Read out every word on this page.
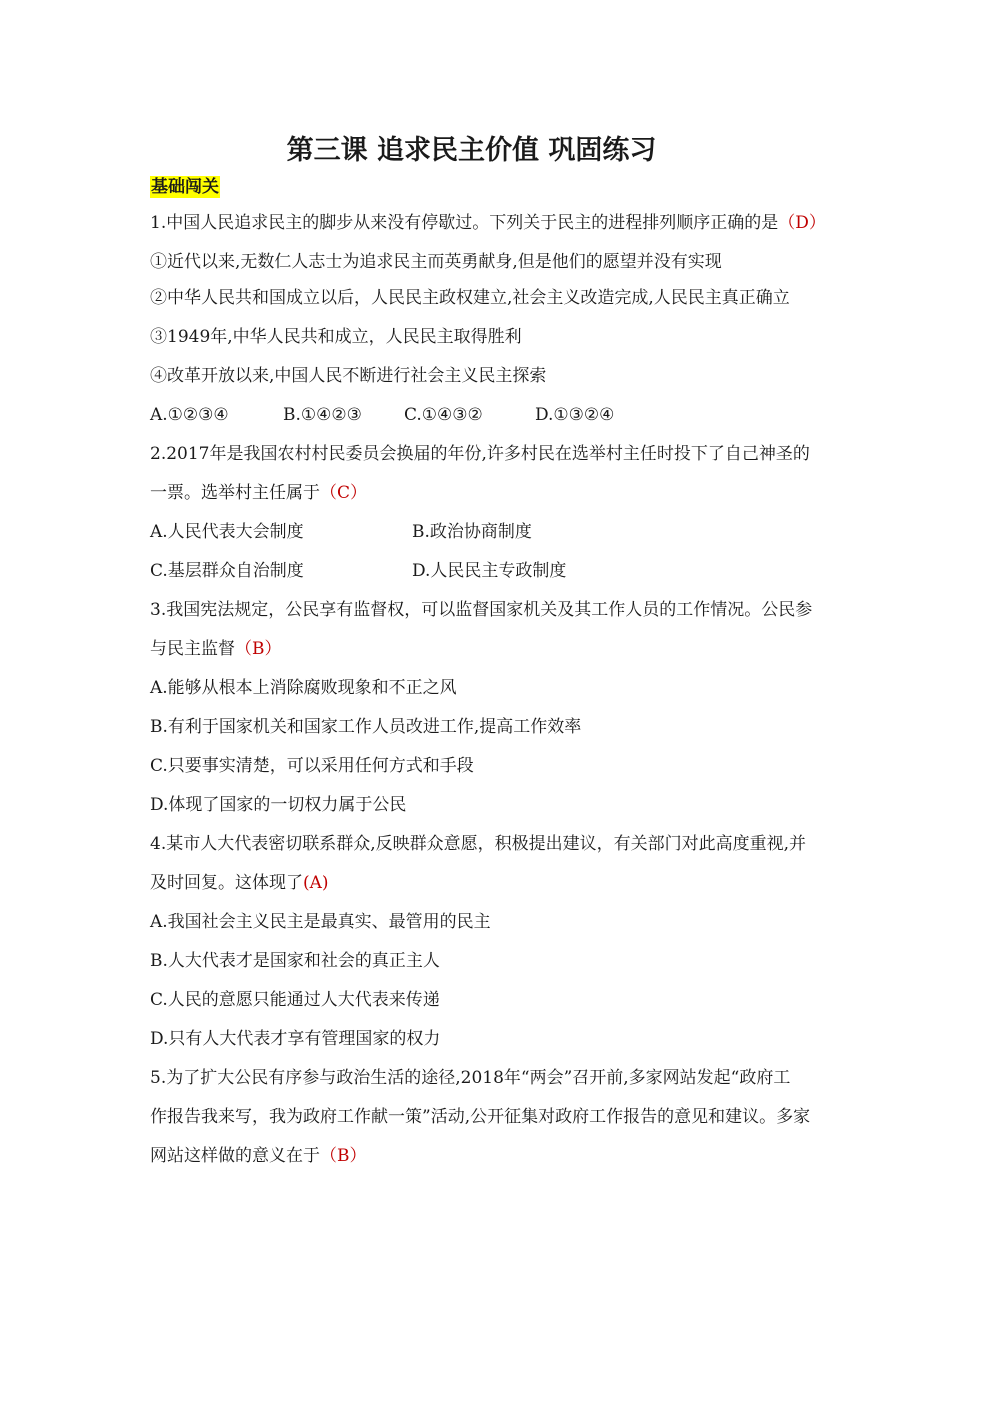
第三课 追求民主价值 巩固练习
基础闯关
1.中国人民追求民主的脚步从来没有停歇过。下列关于民主的进程排列顺序正确的是（D）
①近代以来,无数仁人志士为追求民主而英勇献身,但是他们的愿望并没有实现
②中华人民共和国成立以后，人民民主政权建立,社会主义改造完成,人民民主真正确立
③1949年,中华人民共和成立，人民民主取得胜利
④改革开放以来,中国人民不断进行社会主义民主探索
A.①②③④	B.①④②③ C.①④③②	D.①③②④
2.2017年是我国农村村民委员会换届的年份,许多村民在选举村主任时投下了自己神圣的
一票。选举村主任属于（C）
A.人民代表大会制度	B.政治协商制度
C.基层群众自治制度	D.人民民主专政制度
3.我国宪法规定，公民享有监督权，可以监督国家机关及其工作人员的工作情况。公民参
与民主监督（B）
A.能够从根本上消除腐败现象和不正之风
B.有利于国家机关和国家工作人员改进工作,提高工作效率
C.只要事实清楚，可以采用任何方式和手段
D.体现了国家的一切权力属于公民
4.某市人大代表密切联系群众,反映群众意愿，积极提出建议，有关部门对此高度重视,并
及时回复。这体现了(A)
A.我国社会主义民主是最真实、最管用的民主
B.人大代表才是国家和社会的真正主人
C.人民的意愿只能通过人大代表来传递
D.只有人大代表才享有管理国家的权力
5.为了扩大公民有序参与政治生活的途径,2018年“两会”召开前,多家网站发起“政府工
作报告我来写，我为政府工作献一策”活动,公开征集对政府工作报告的意见和建议。多家
网站这样做的意义在于（B）
